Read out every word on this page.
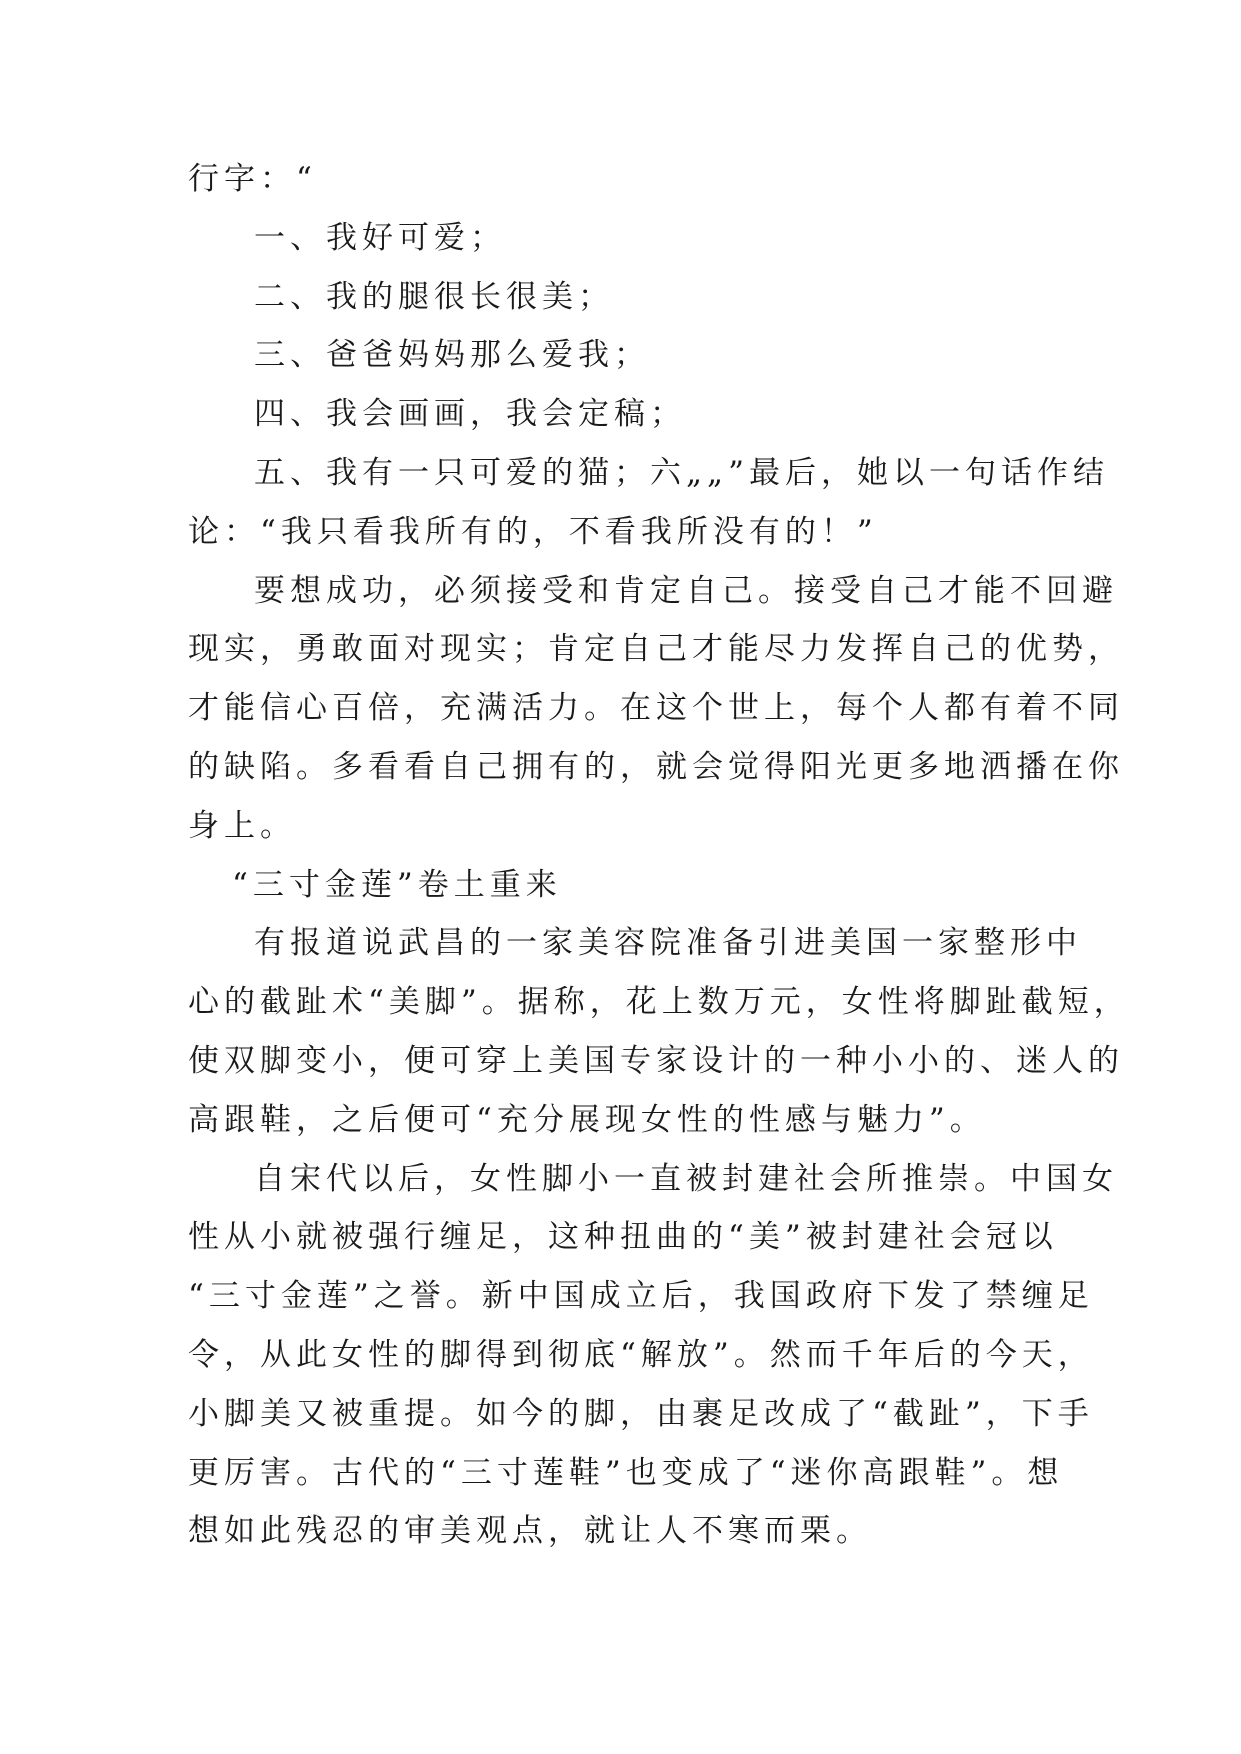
行字：“
一、我好可爱；
二、我的腿很长很美；
三、爸爸妈妈那么爱我；
四、我会画画，我会定稿；
五、我有一只可爱的猫；六„„”最后，她以一句话作结
论：“我只看我所有的，不看我所没有的！”
要想成功，必须接受和肯定自己。接受自己才能不回避
现实，勇敢面对现实；肯定自己才能尽力发挥自己的优势，
才能信心百倍，充满活力。在这个世上，每个人都有着不同
的缺陷。多看看自己拥有的，就会觉得阳光更多地洒播在你
身上。
“三寸金莲”卷土重来
有报道说武昌的一家美容院准备引进美国一家整形中
心的截趾术“美脚”。据称，花上数万元，女性将脚趾截短，
使双脚变小，便可穿上美国专家设计的一种小小的、迷人的
高跟鞋，之后便可“充分展现女性的性感与魅力”。
自宋代以后，女性脚小一直被封建社会所推崇。中国女
性从小就被强行缠足，这种扭曲的“美”被封建社会冠以
“三寸金莲”之誉。新中国成立后，我国政府下发了禁缠足
令，从此女性的脚得到彻底“解放”。然而千年后的今天，
小脚美又被重提。如今的脚，由裹足改成了“截趾”，下手
更厉害。古代的“三寸莲鞋”也变成了“迷你高跟鞋”。想
想如此残忍的审美观点，就让人不寒而栗。
